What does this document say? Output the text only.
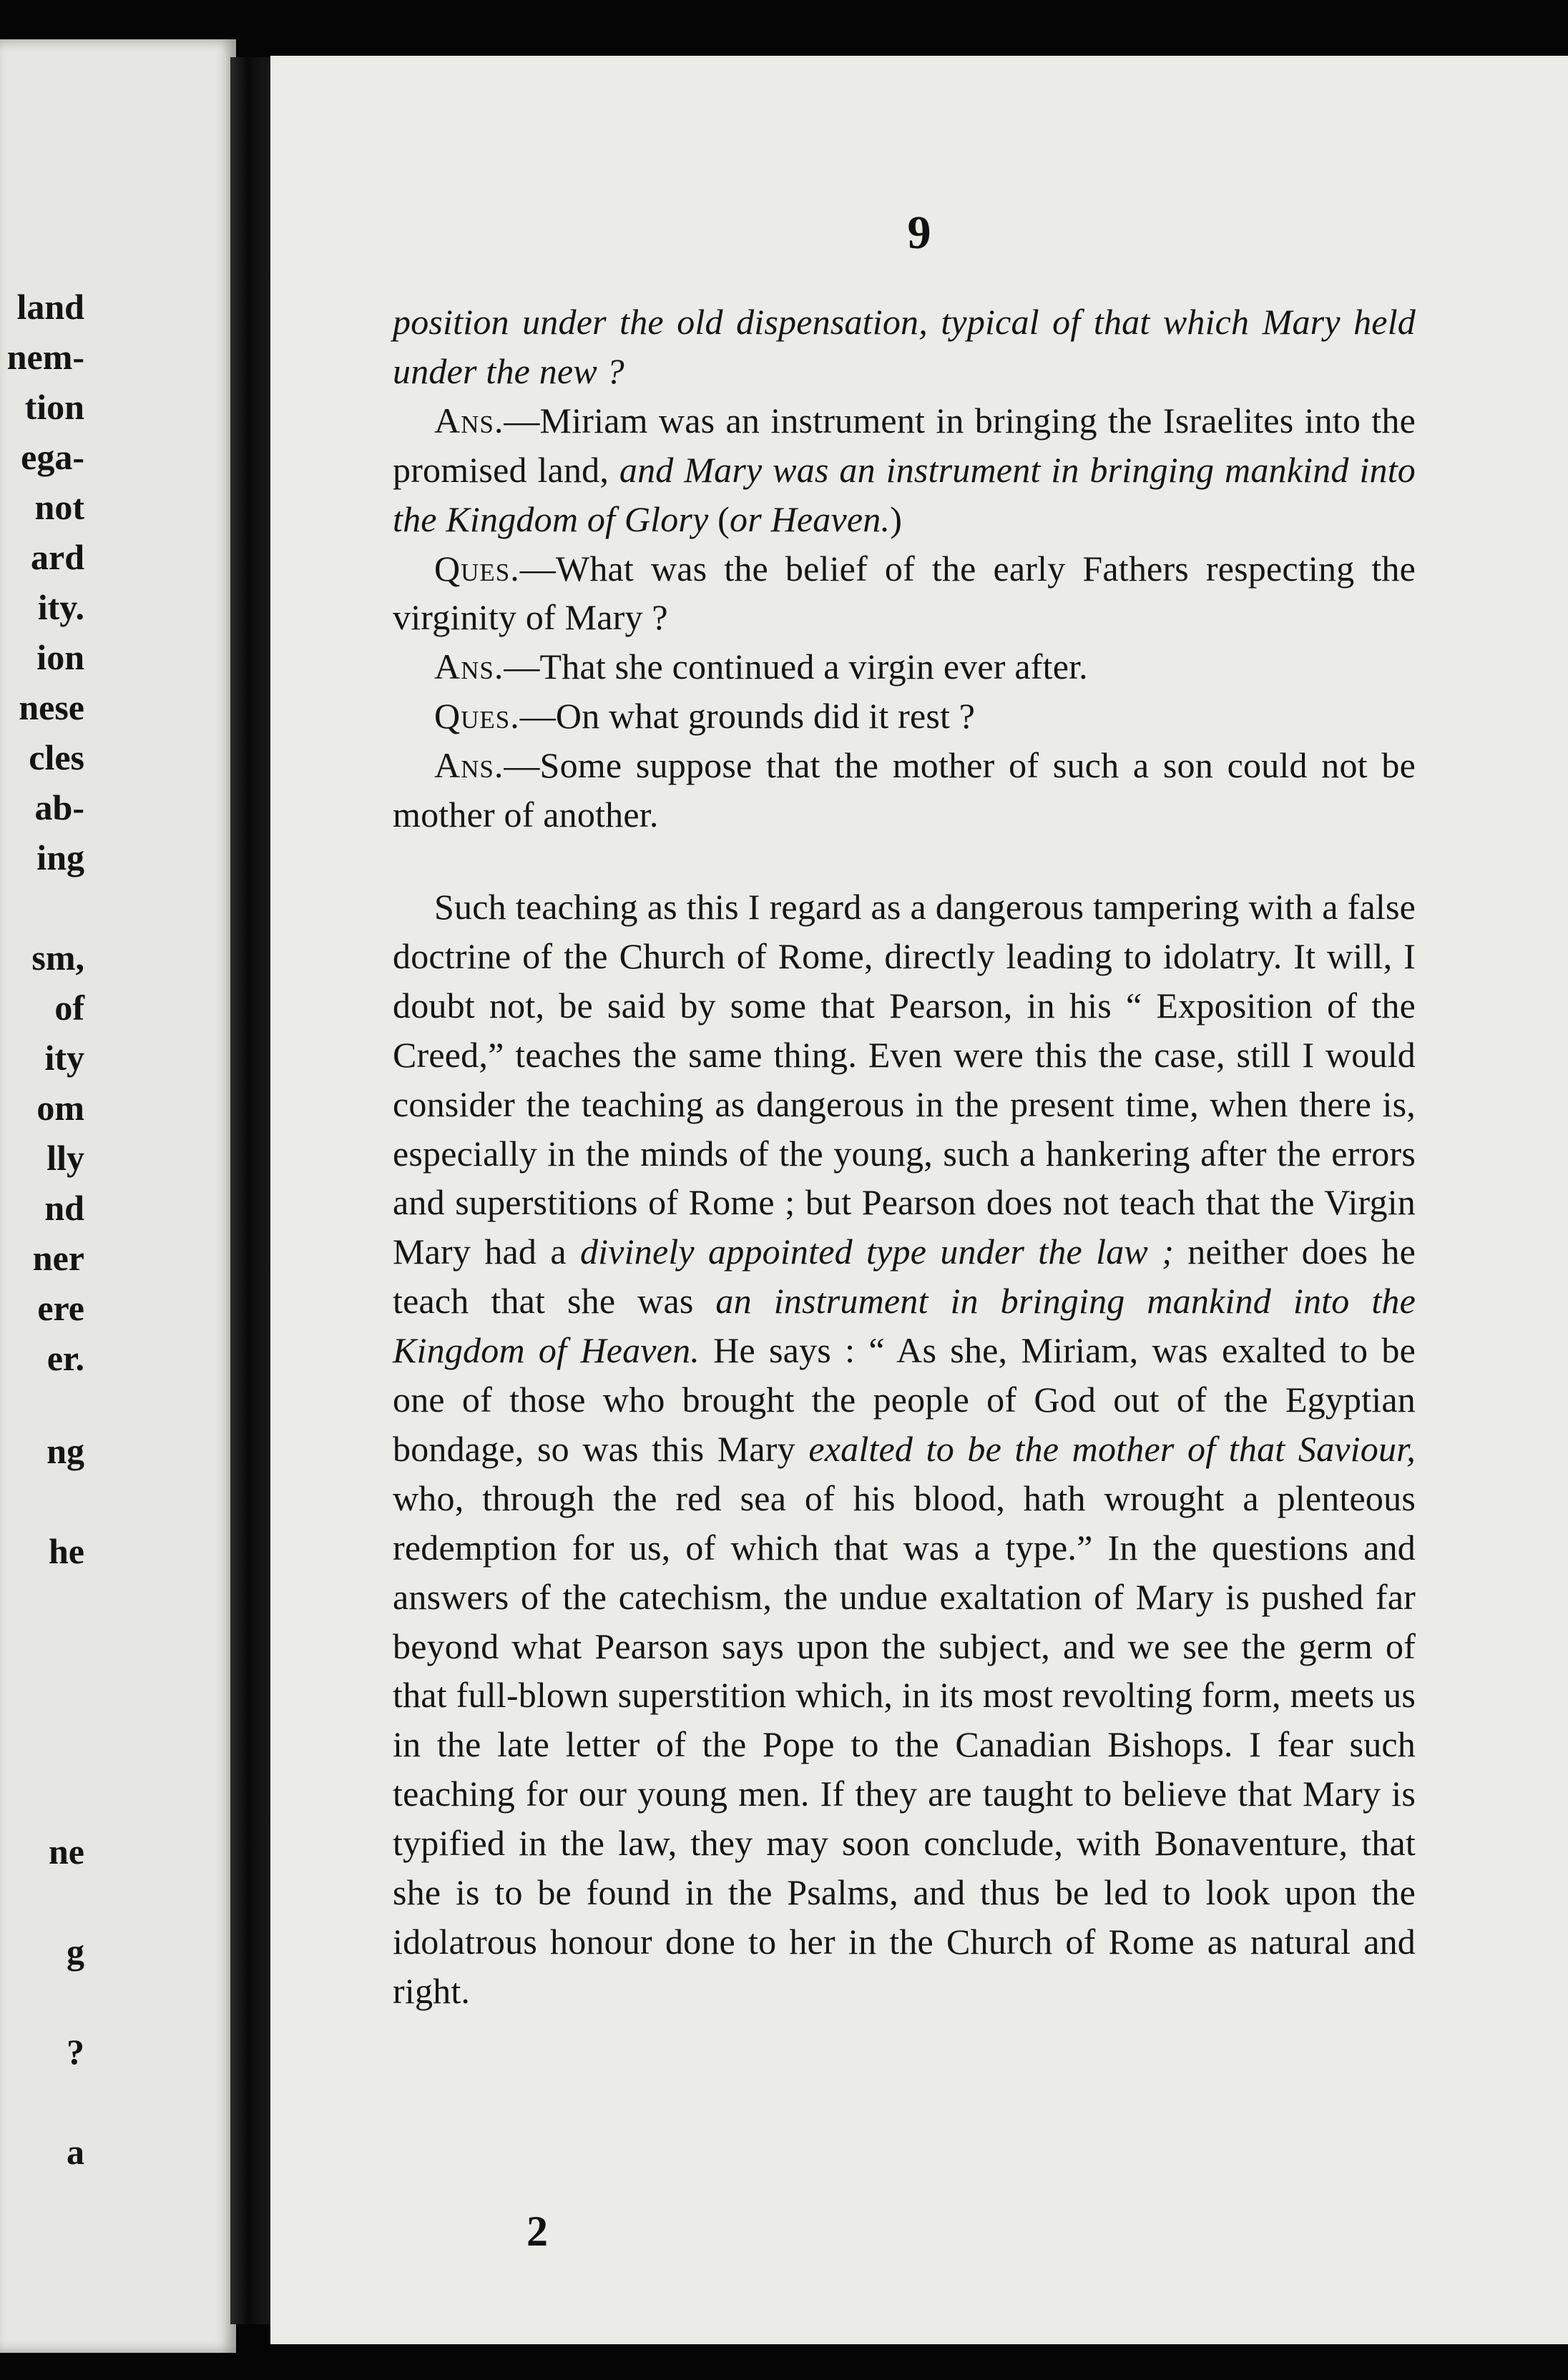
land
nem-
tion
ega-
not
ard
ity.
ion
nese
cles
ab-
ing
sm,
of
ity
om
lly
nd
ner
ere
er.
ng
he
ne
g
?
a
9

position under the old dispensation, typical of that which Mary held under the new ?

Ans.—Miriam was an instrument in bringing the Israelites into the promised land, and Mary was an instrument in bringing mankind into the Kingdom of Glory (or Heaven.)

Ques.—What was the belief of the early Fathers respecting the virginity of Mary ?

Ans.—That she continued a virgin ever after.

Ques.—On what grounds did it rest ?

Ans.—Some suppose that the mother of such a son could not be mother of another.

Such teaching as this I regard as a dangerous tampering with a false doctrine of the Church of Rome, directly leading to idolatry. It will, I doubt not, be said by some that Pearson, in his “ Exposition of the Creed,” teaches the same thing. Even were this the case, still I would consider the teaching as dangerous in the present time, when there is, especially in the minds of the young, such a hankering after the errors and superstitions of Rome ; but Pearson does not teach that the Virgin Mary had a divinely appointed type under the law ; neither does he teach that she was an instrument in bringing mankind into the Kingdom of Heaven. He says : “ As she, Miriam, was exalted to be one of those who brought the people of God out of the Egyptian bondage, so was this Mary exalted to be the mother of that Saviour, who, through the red sea of his blood, hath wrought a plenteous redemption for us, of which that was a type.” In the questions and answers of the catechism, the undue exaltation of Mary is pushed far beyond what Pearson says upon the subject, and we see the germ of that full-blown superstition which, in its most revolting form, meets us in the late letter of the Pope to the Canadian Bishops. I fear such teaching for our young men. If they are taught to believe that Mary is typified in the law, they may soon conclude, with Bonaventure, that she is to be found in the Psalms, and thus be led to look upon the idolatrous honour done to her in the Church of Rome as natural and right.

2
